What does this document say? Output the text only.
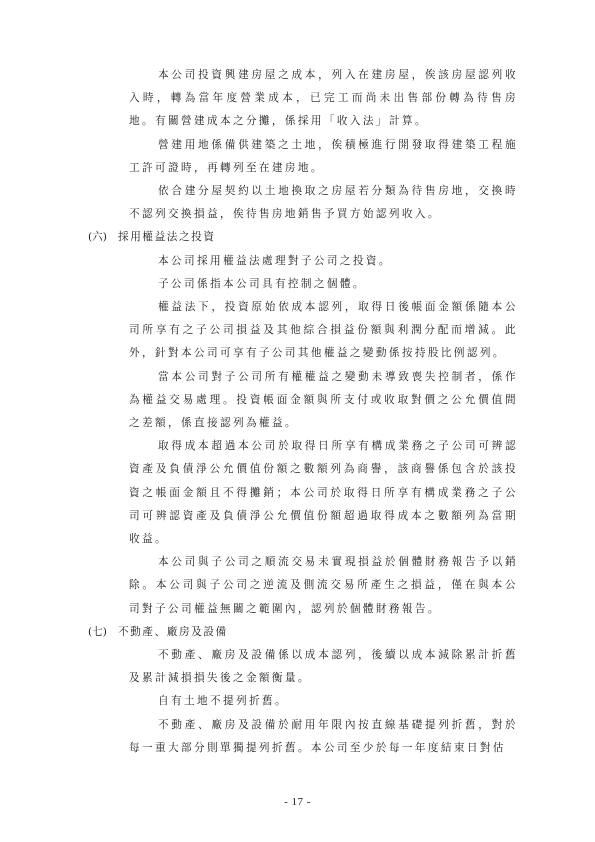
本公司投資興建房屋之成本，列入在建房屋，俟該房屋認列收入時，轉為當年度營業成本，已完工而尚未出售部份轉為待售房地。有關營建成本之分攤，係採用「收入法」計算。

營建用地係備供建築之土地，俟積極進行開發取得建築工程施工許可證時，再轉列至在建房地。

依合建分屋契約以土地換取之房屋若分類為待售房地，交換時不認列交換損益，俟待售房地銷售予買方始認列收入。

(六) 採用權益法之投資

本公司採用權益法處理對子公司之投資。

子公司係指本公司具有控制之個體。

權益法下，投資原始依成本認列，取得日後帳面金額係隨本公司所享有之子公司損益及其他綜合損益份額與利潤分配而增減。此外，針對本公司可享有子公司其他權益之變動係按持股比例認列。

當本公司對子公司所有權權益之變動未導致喪失控制者，係作為權益交易處理。投資帳面金額與所支付或收取對價之公允價值間之差額，係直接認列為權益。

取得成本超過本公司於取得日所享有構成業務之子公司可辨認資產及負債淨公允價值份額之數額列為商譽，該商譽係包含於該投資之帳面金額且不得攤銷；本公司於取得日所享有構成業務之子公司可辨認資產及負債淨公允價值份額超過取得成本之數額列為當期收益。

本公司與子公司之順流交易未實現損益於個體財務報告予以銷除。本公司與子公司之逆流及側流交易所產生之損益，僅在與本公司對子公司權益無關之範圍內，認列於個體財務報告。

(七) 不動產、廠房及設備

不動產、廠房及設備係以成本認列，後續以成本減除累計折舊及累計減損損失後之金額衡量。

自有土地不提列折舊。

不動產、廠房及設備於耐用年限內按直線基礎提列折舊，對於每一重大部分則單獨提列折舊。本公司至少於每一年度結束日對估

- 17 -
